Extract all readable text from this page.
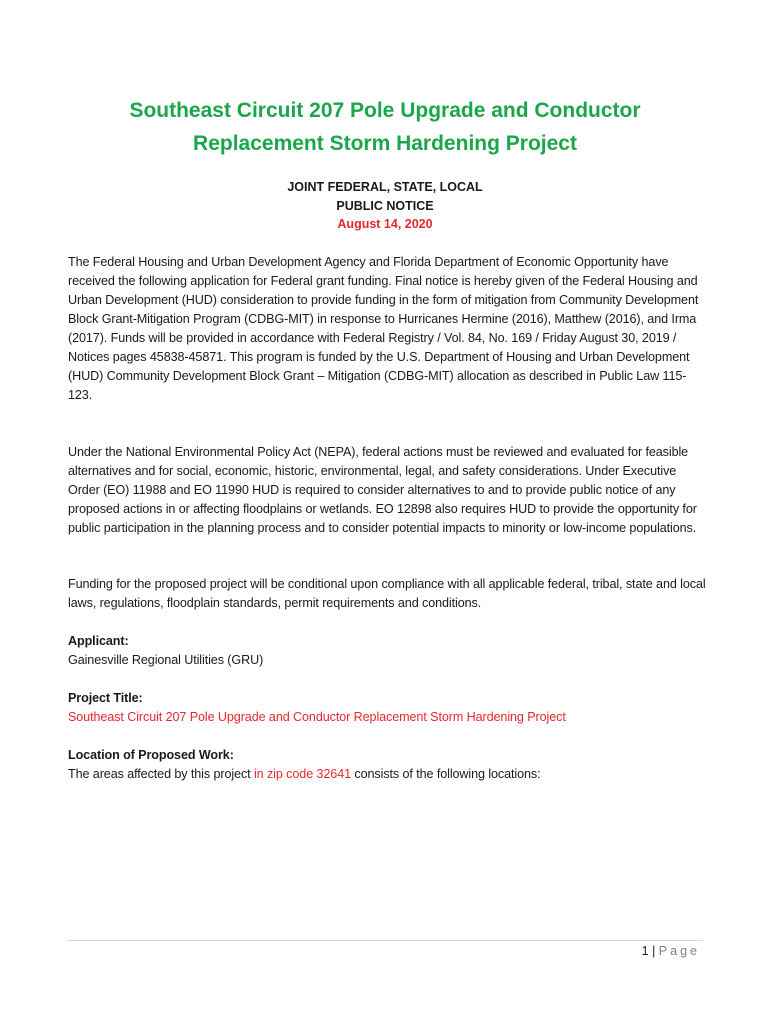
Southeast Circuit 207 Pole Upgrade and Conductor
Replacement Storm Hardening Project
JOINT FEDERAL, STATE, LOCAL
PUBLIC NOTICE
August 14, 2020

The Federal Housing and Urban Development Agency and Florida Department of Economic Opportunity have received the following application for Federal grant funding. Final notice is hereby given of the Federal Housing and Urban Development (HUD) consideration to provide funding in the form of mitigation from Community Development Block Grant-Mitigation Program (CDBG-MIT) in response to Hurricanes Hermine (2016), Matthew (2016), and Irma (2017). Funds will be provided in accordance with Federal Registry / Vol. 84, No. 169 / Friday August 30, 2019 / Notices pages 45838-45871. This program is funded by the U.S. Department of Housing and Urban Development (HUD) Community Development Block Grant – Mitigation (CDBG-MIT) allocation as described in Public Law 115-123.

Under the National Environmental Policy Act (NEPA), federal actions must be reviewed and evaluated for feasible alternatives and for social, economic, historic, environmental, legal, and safety considerations. Under Executive Order (EO) 11988 and EO 11990 HUD is required to consider alternatives to and to provide public notice of any proposed actions in or affecting floodplains or wetlands. EO 12898 also requires HUD to provide the opportunity for public participation in the planning process and to consider potential impacts to minority or low-income populations.

Funding for the proposed project will be conditional upon compliance with all applicable federal, tribal, state and local laws, regulations, floodplain standards, permit requirements and conditions.

Applicant:

Gainesville Regional Utilities (GRU)

Project Title:

Southeast Circuit 207 Pole Upgrade and Conductor Replacement Storm Hardening Project

Location of Proposed Work:

The areas affected by this project in zip code 32641 consists of the following locations:

1 | Page
